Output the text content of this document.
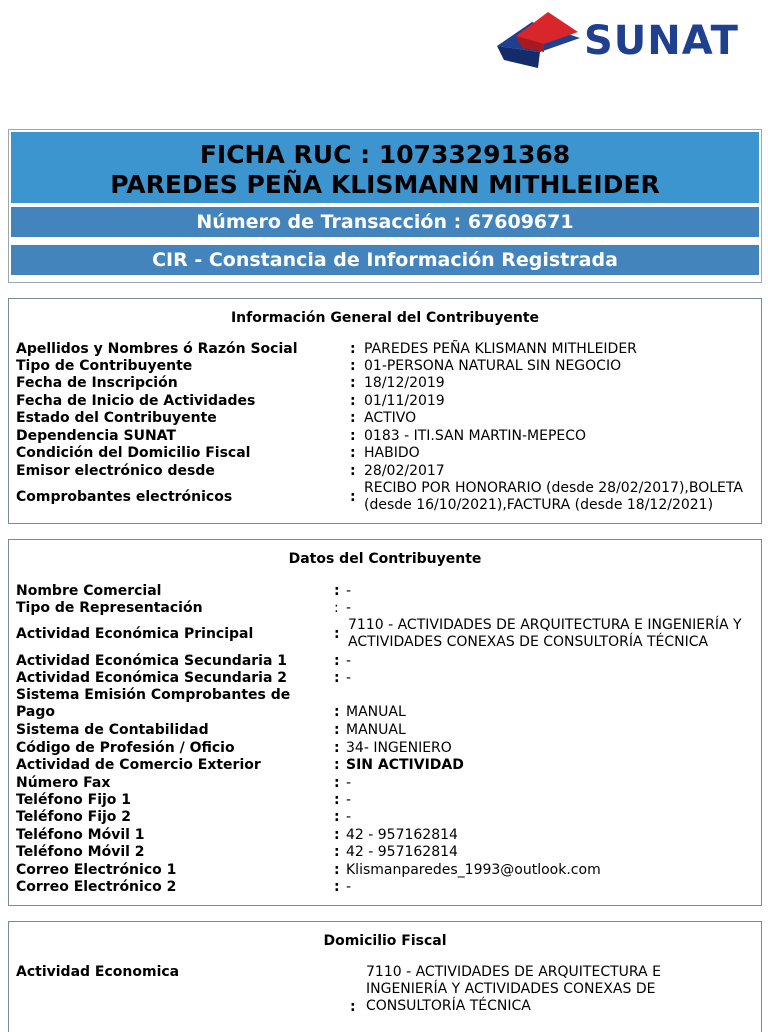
SUNAT
FICHA RUC : 10733291368
PAREDES PEÑA KLISMANN MITHLEIDER
Número de Transacción : 67609671
CIR - Constancia de Información Registrada
Información General del Contribuyente
Apellidos y Nombres ó Razón Social	: PAREDES PEÑA KLISMANN MITHLEIDER
Tipo de Contribuyente	: 01-PERSONA NATURAL SIN NEGOCIO
Fecha de Inscripción	: 18/12/2019
Fecha de Inicio de Actividades	: 01/11/2019
Estado del Contribuyente	: ACTIVO
Dependencia SUNAT	: 0183 - ITI.SAN MARTIN-MEPECO
Condición del Domicilio Fiscal	: HABIDO
Emisor electrónico desde	: 28/02/2017
Comprobantes electrónicos	:
RECIBO POR HONORARIO (desde 28/02/2017),BOLETA (desde 16/10/2021),FACTURA (desde 18/12/2021)
Datos del Contribuyente
Nombre Comercial	: -
Tipo de Representación	: -
Actividad Económica Principal	:
7110 - ACTIVIDADES DE ARQUITECTURA E INGENIERÍA Y ACTIVIDADES CONEXAS DE CONSULTORÍA TÉCNICA
Actividad Económica Secundaria 1	: -
Actividad Económica Secundaria 2	: -
Sistema Emisión Comprobantes de Pago	: MANUAL
Sistema de Contabilidad	: MANUAL
Código de Profesión / Oficio	: 34- INGENIERO
Actividad de Comercio Exterior	: SIN ACTIVIDAD
Número Fax	: -
Teléfono Fijo 1	: -
Teléfono Fijo 2	: -
Teléfono Móvil 1	: 42 - 957162814
Teléfono Móvil 2	: 42 - 957162814
Correo Electrónico 1	: Klismanparedes_1993@outlook.com
Correo Electrónico 2	: -
Domicilio Fiscal
Actividad Economica
:
7110 - ACTIVIDADES DE ARQUITECTURA E INGENIERÍA Y ACTIVIDADES CONEXAS DE CONSULTORÍA TÉCNICA
